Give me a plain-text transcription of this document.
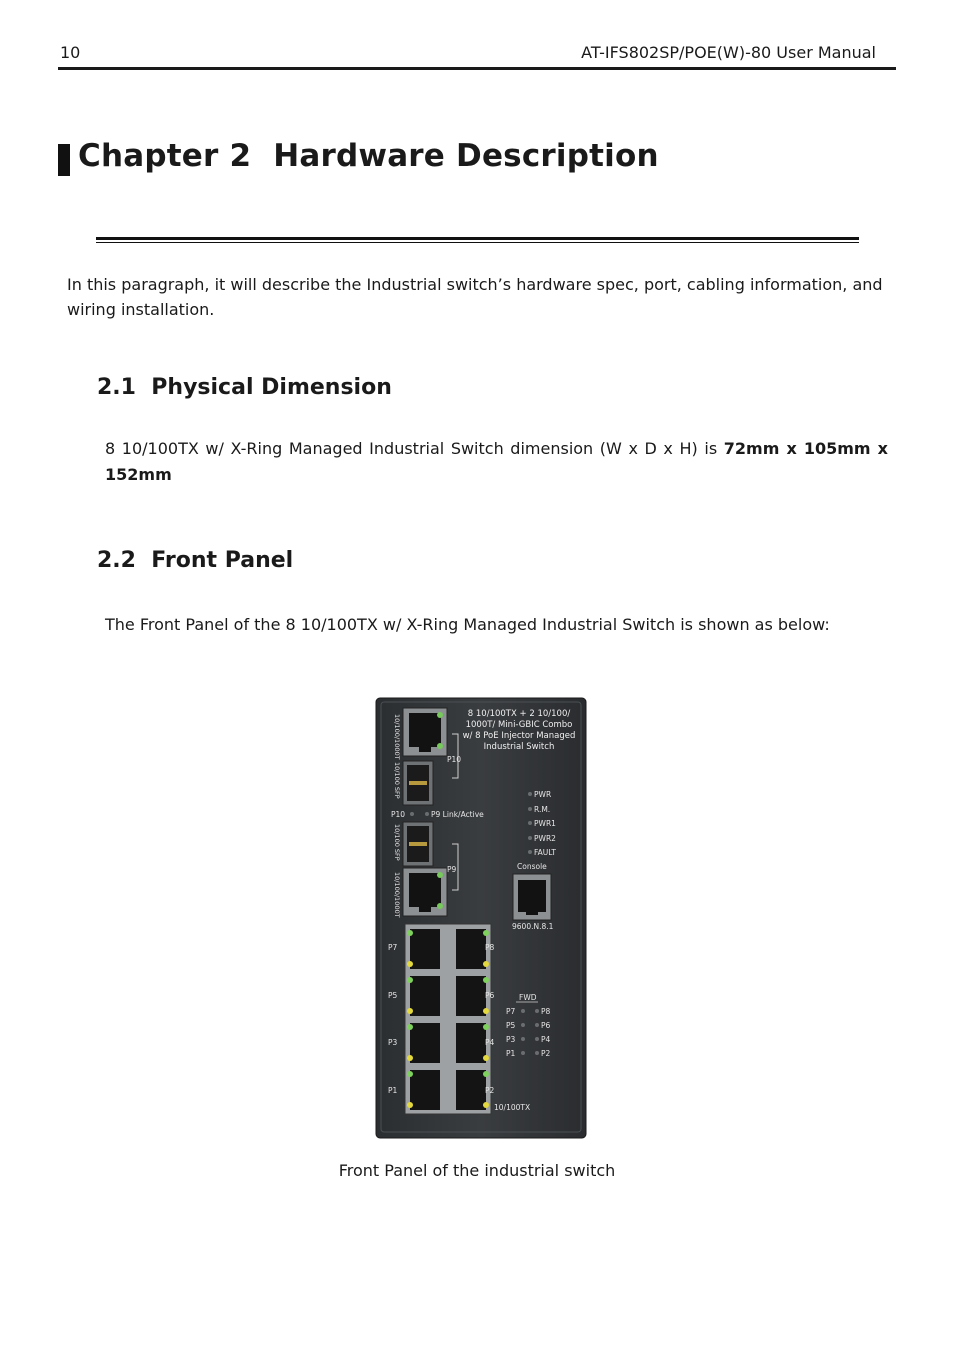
10	AT-IFS802SP/POE(W)-80 User Manual
Chapter 2  Hardware Description
In this paragraph, it will describe the Industrial switch’s hardware spec, port, cabling information, and wiring installation.
2.1  Physical Dimension
8 10/100TX w/ X-Ring Managed Industrial Switch dimension (W x D x H) is 72mm x 105mm x 152mm
2.2  Front Panel
The Front Panel of the 8 10/100TX w/ X-Ring Managed Industrial Switch is shown as below:
8 10/100TX + 2 10/100/
1000T/ Mini-GBIC Combo
w/ 8 PoE Injector Managed
Industrial Switch
10/100/1000T
10/100 SFP
10/100 SFP
10/100/1000T
P10
P10	P9 Link/Active
P9
PWR
R.M.
PWR1
PWR2
FAULT
Console
9600.N.8.1
P7	P8
P5	P6
P3	P4
P1	P2
FWD
P7	P8
P5	P6
P3	P4
P1	P2
10/100TX
Front Panel of the industrial switch
